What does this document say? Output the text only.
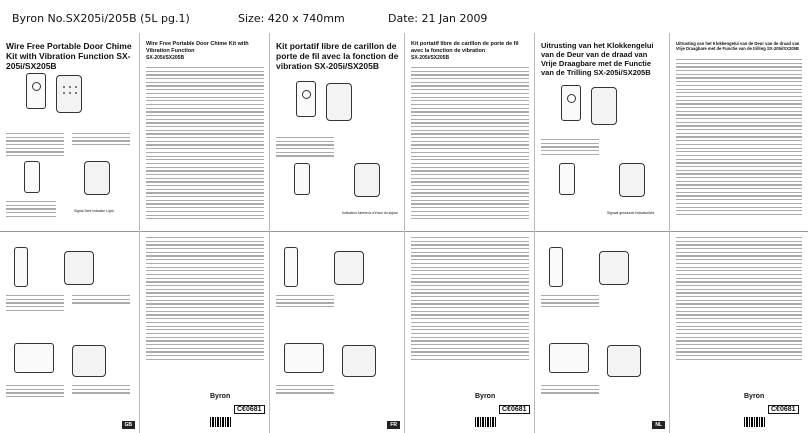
Byron No.SX205i/205B (5L pg.1)	Size: 420 x 740mm	Date: 21 Jan 2009
Wire Free Portable Door Chime Kit with Vibration Function SX-205i/SX205B
Signal Sent Indicator Light
GB
Wire Free Portable Door Chime Kit with Vibration Function
SX-205i/SX205B
Byron
C€0681
Kit portatif libre de carillon de porte de fil avec la fonction de vibration SX-205i/SX205B
Indicateur lumineux d'envoi du signal
FR
Kit portatif libre de carillon de porte de fil avec la fonction de vibration
SX-205i/SX205B
Byron
C€0681
Uitrusting van het Klokkengelui van de Deur van de draad van Vrije Draagbare met de Functie van de Trilling SX-205i/SX205B
Signaal gestuurde Indicatorlicht
NL
Uitrusting van het Klokkengelui van de Deur van de draad van Vrije Draagbare met de Functie van de trilling SX-205i/SX205B
Byron
C€0681
